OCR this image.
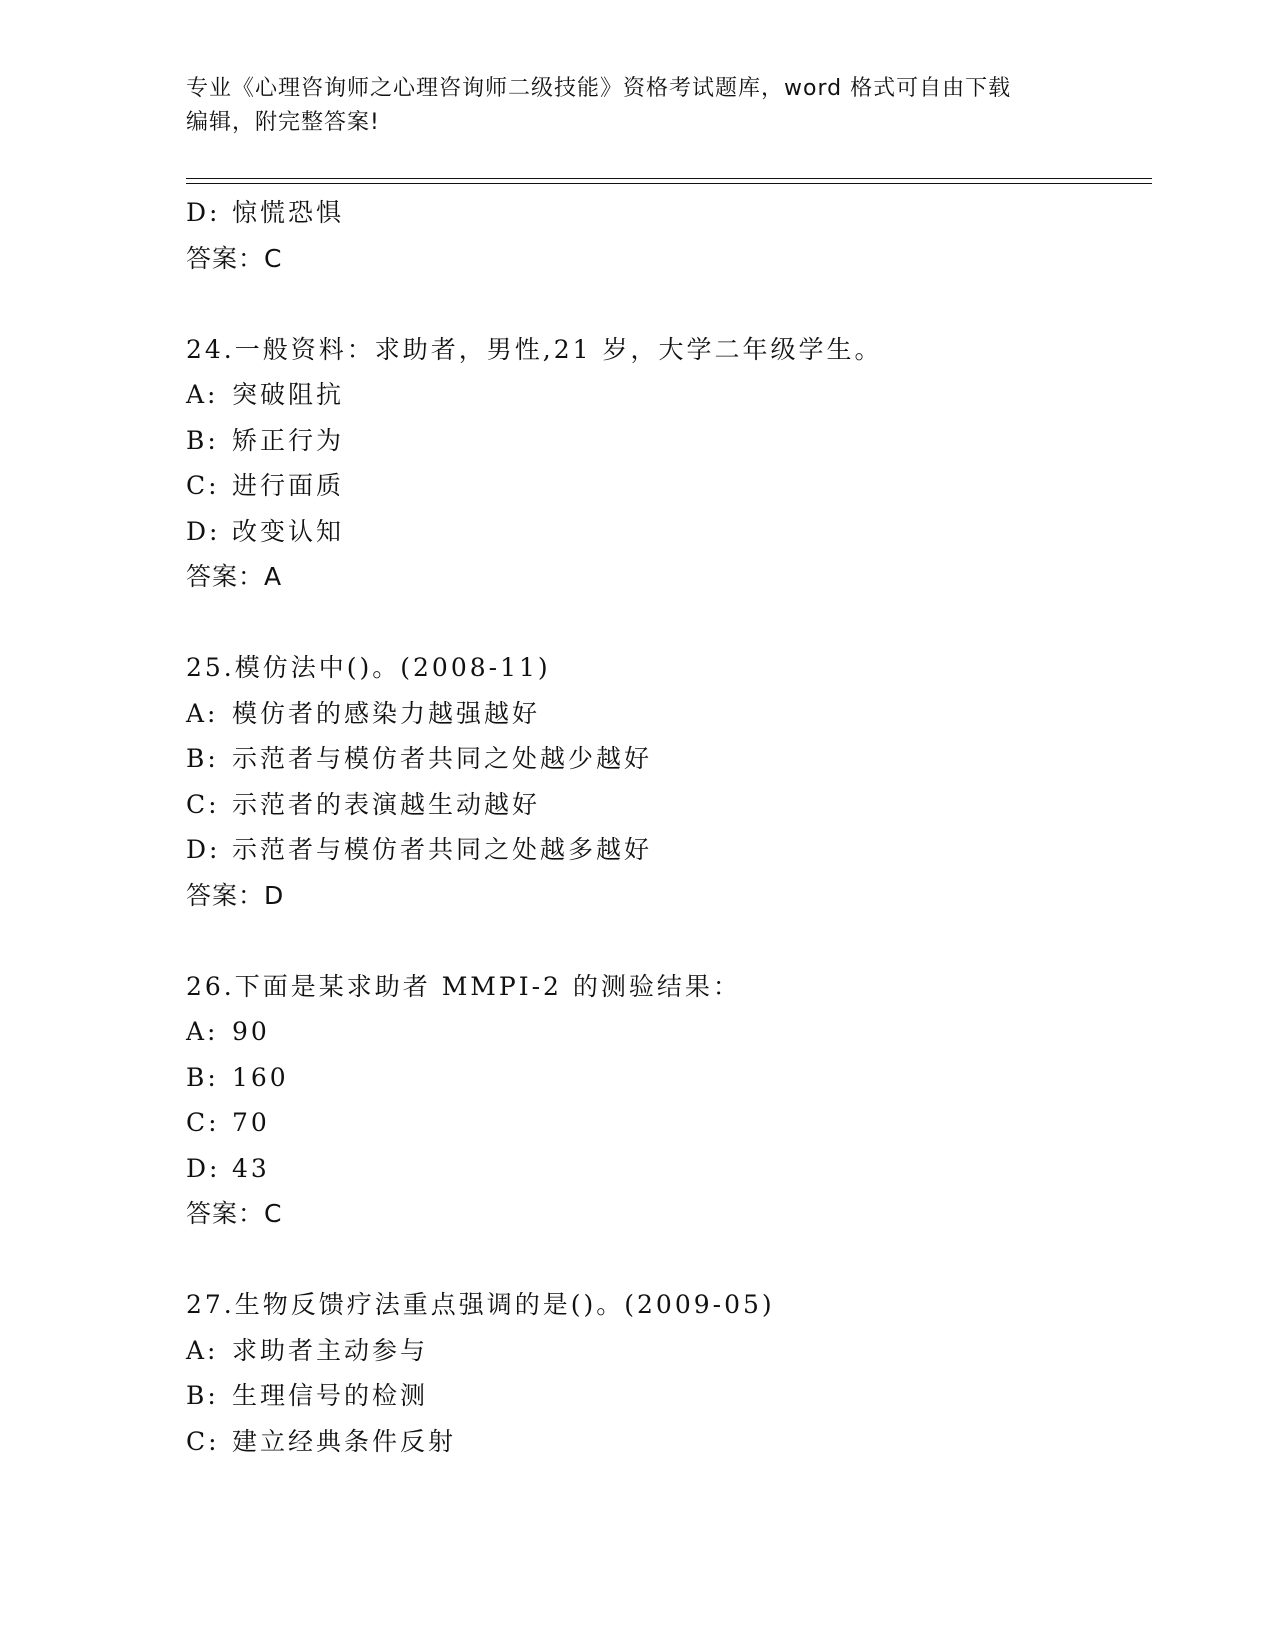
专业《心理咨询师之心理咨询师二级技能》资格考试题库，word 格式可自由下载
编辑，附完整答案!
D: 惊慌恐惧
答案：C
24.一般资料：求助者，男性,21 岁，大学二年级学生。
A: 突破阻抗
B: 矫正行为
C: 进行面质
D: 改变认知
答案：A
25.模仿法中()。(2008-11)
A: 模仿者的感染力越强越好
B: 示范者与模仿者共同之处越少越好
C: 示范者的表演越生动越好
D: 示范者与模仿者共同之处越多越好
答案：D
26.下面是某求助者 MMPI-2 的测验结果：
A: 90
B: 160
C: 70
D: 43
答案：C
27.生物反馈疗法重点强调的是()。(2009-05)
A: 求助者主动参与
B: 生理信号的检测
C: 建立经典条件反射
